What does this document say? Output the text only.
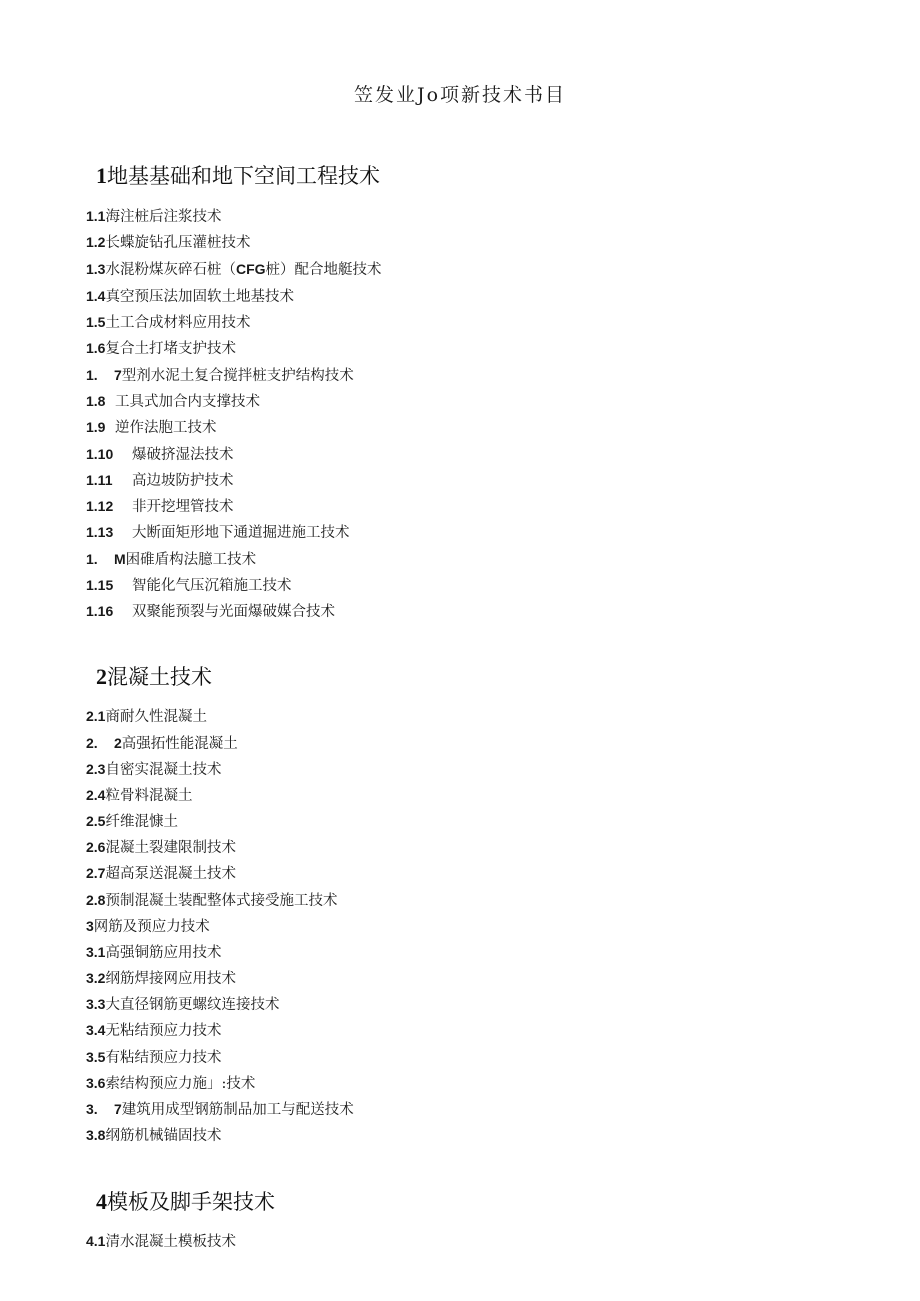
笠发业Jo项新技术书目
1地基基础和地下空间工程技术
1.1海注桩后注浆技术
1.2长蝶旋钻孔压灌桩技术
1.3水混粉煤灰碎石桩（CFG桩）配合地艇技术
1.4真空预压法加固软土地基技术
1.5土工合成材料应用技术
1.6复合土打堵支护技术
1. 7型剂水泥土复合搅拌桩支护结构技术
1.8 工具式加合内支撑技术
1.9 逆作法胞工技术
1.10 爆破挤湿法技术
1.11 高边坡防护技术
1.12 非开挖埋管技术
1.13 大断面矩形地下通道掘进施工技术
1. M困碓盾构法臆工技术
1.15 智能化气压沉箱施工技术
1.16 双聚能预裂与光面爆破媒合技术
2混凝土技术
2.1商耐久性混凝土
2. 2高强拓性能混凝土
2.3自密实混凝土技术
2.4粒骨料混凝土
2.5纤维混慷土
2.6混凝土裂建限制技术
2.7超高泵送混凝土技术
2.8预制混凝土装配整体式接受施工技术
3网筋及预应力技术
3.1高强铜筋应用技术
3.2纲筋焊接网应用技术
3.3大直径钢筋更螺纹连接技术
3.4无粘结预应力技术
3.5有粘结预应力技术
3.6索结构预应力施」:技术
3. 7建筑用成型钢筋制品加工与配送技术
3.8纲筋机械锚固技术
4模板及脚手架技术
4.1清水混凝土模板技术
